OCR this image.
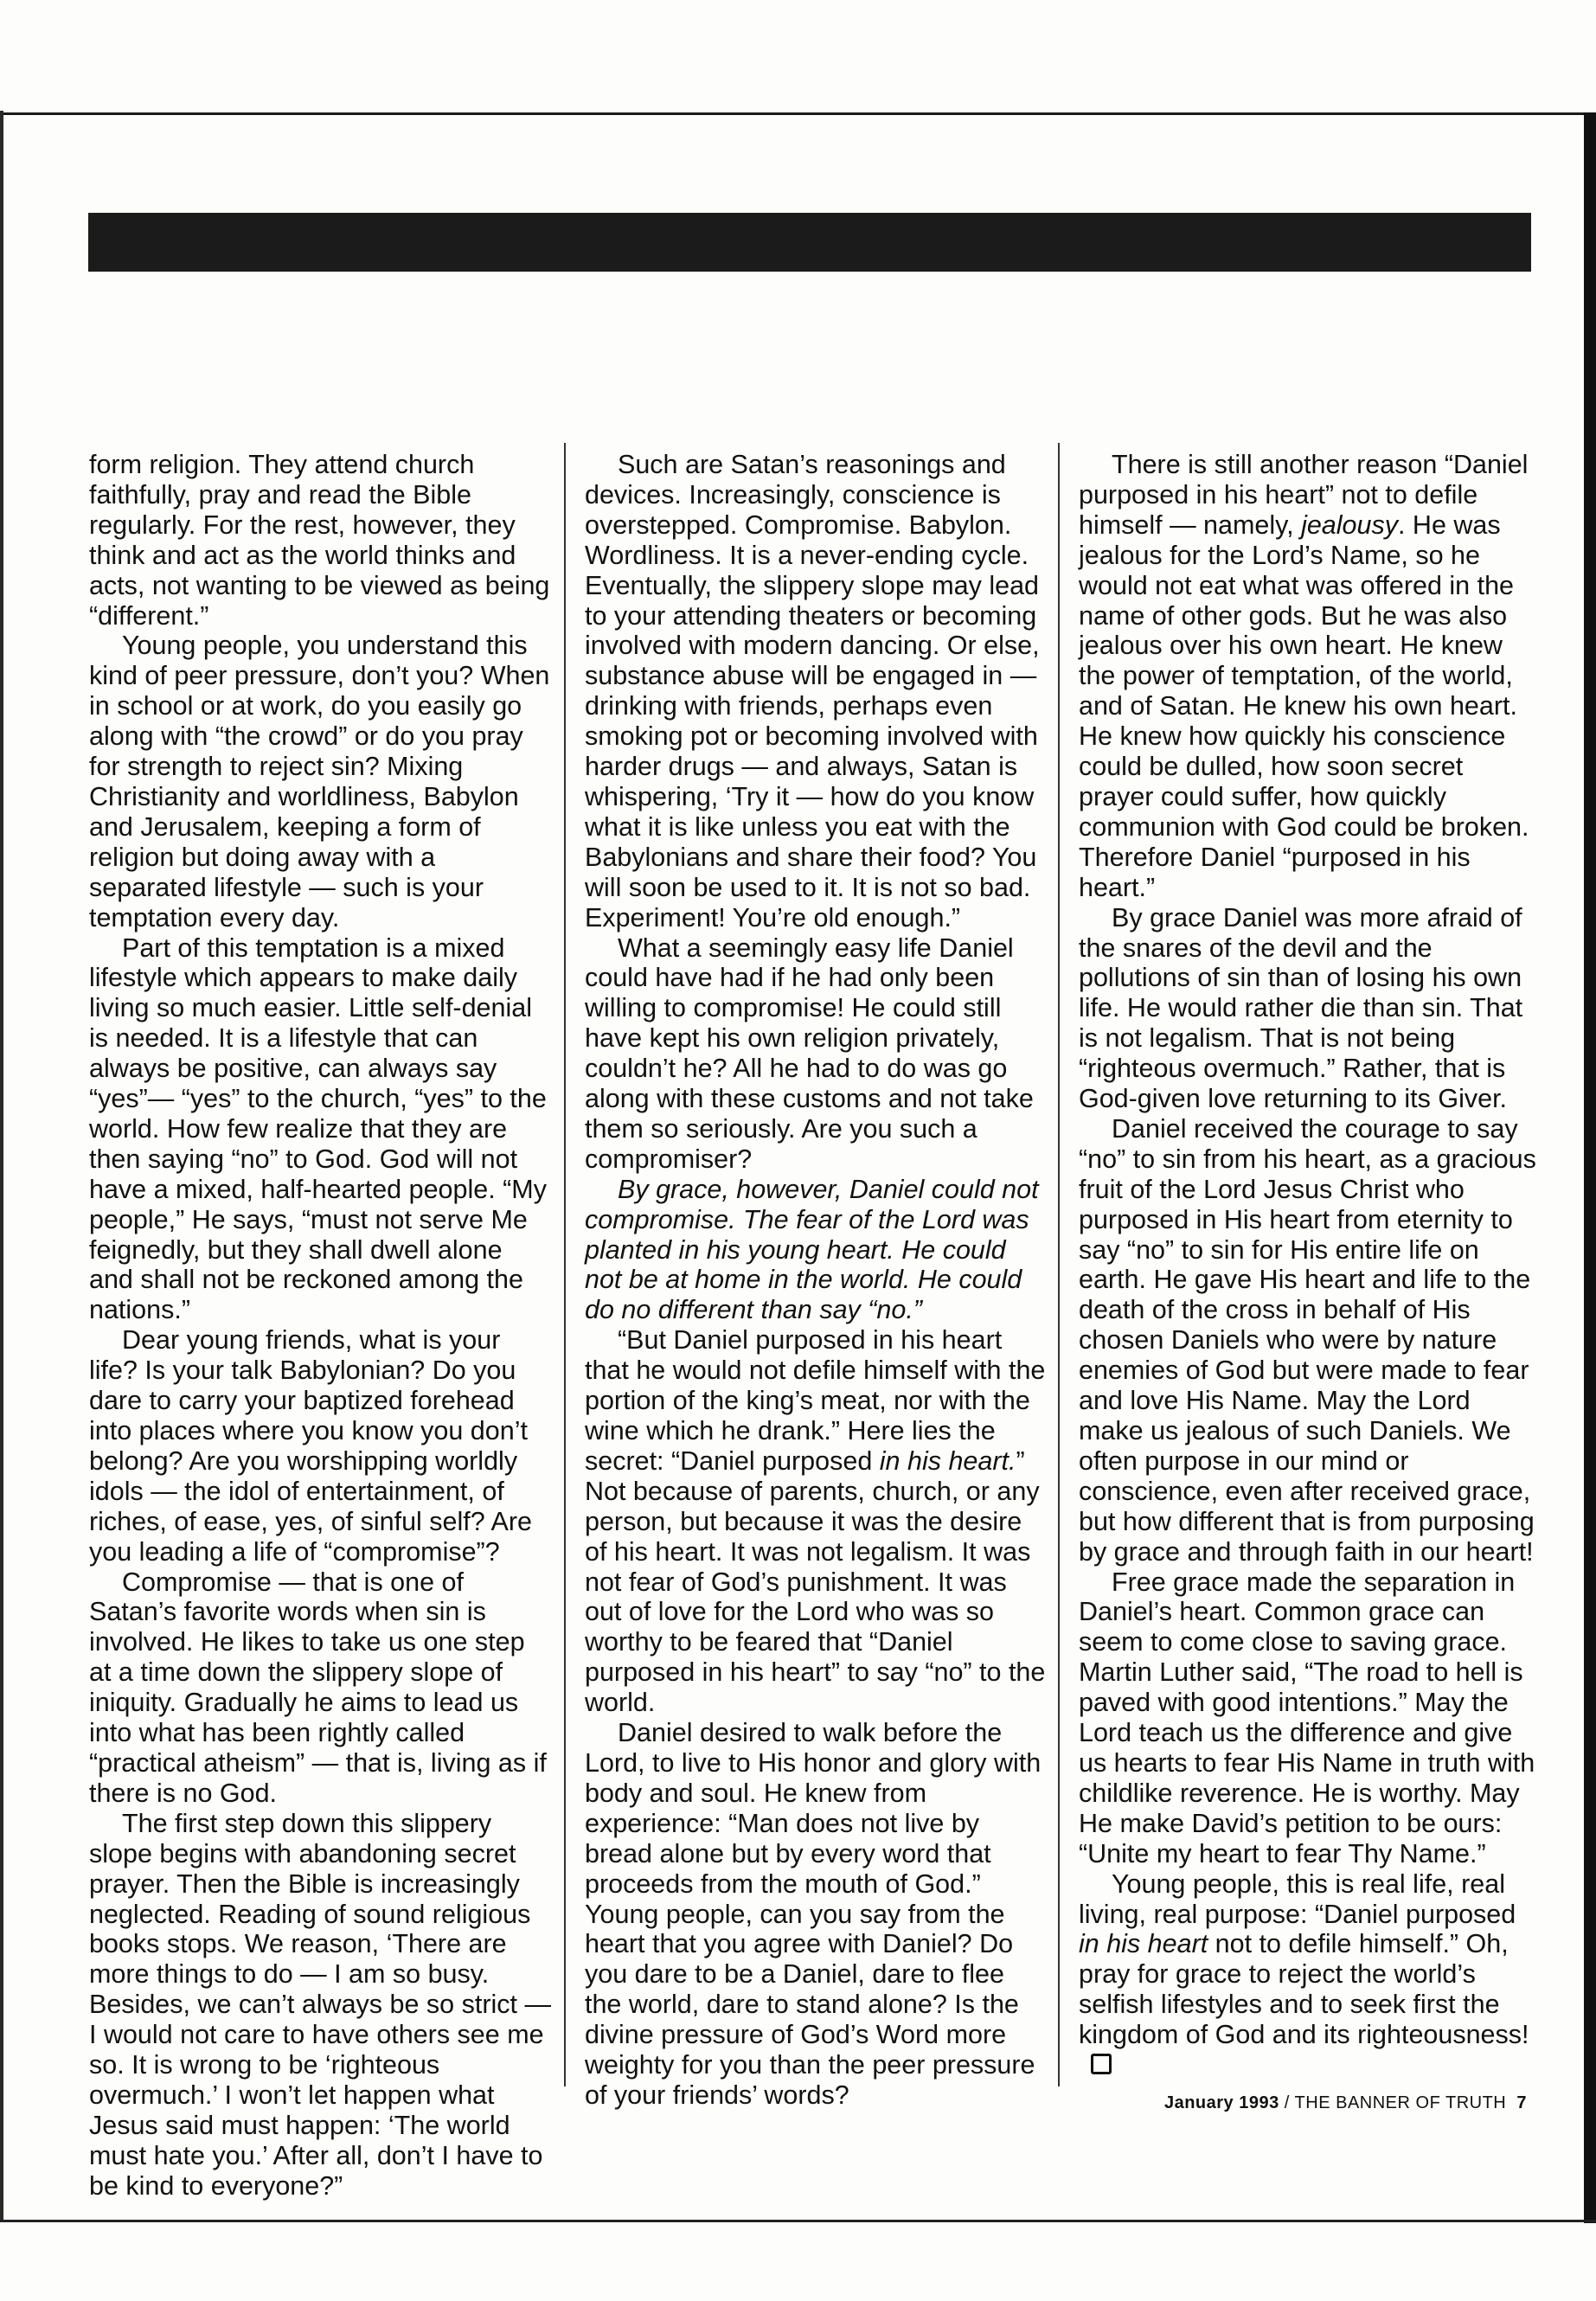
form religion. They attend church faithfully, pray and read the Bible regularly. For the rest, however, they think and act as the world thinks and acts, not wanting to be viewed as being “different.”

Young people, you understand this kind of peer pressure, don’t you? When in school or at work, do you easily go along with “the crowd” or do you pray for strength to reject sin? Mixing Christianity and worldliness, Babylon and Jerusalem, keeping a form of religion but doing away with a separated lifestyle — such is your temptation every day.

Part of this temptation is a mixed lifestyle which appears to make daily living so much easier. Little self-denial is needed. It is a lifestyle that can always be positive, can always say “yes”— “yes” to the church, “yes” to the world. How few realize that they are then saying “no” to God. God will not have a mixed, half-hearted people. “My people,” He says, “must not serve Me feignedly, but they shall dwell alone and shall not be reckoned among the nations.”

Dear young friends, what is your life? Is your talk Babylonian? Do you dare to carry your baptized forehead into places where you know you don’t belong? Are you worshipping worldly idols — the idol of entertainment, of riches, of ease, yes, of sinful self? Are you leading a life of “compromise”?

Compromise — that is one of Satan’s favorite words when sin is involved. He likes to take us one step at a time down the slippery slope of iniquity. Gradually he aims to lead us into what has been rightly called “practical atheism” — that is, living as if there is no God.

The first step down this slippery slope begins with abandoning secret prayer. Then the Bible is increasingly neglected. Reading of sound religious books stops. We reason, ‘There are more things to do — I am so busy. Besides, we can’t always be so strict — I would not care to have others see me so. It is wrong to be ‘righteous overmuch.’ I won’t let happen what Jesus said must happen: ‘The world must hate you.’ After all, don’t I have to be kind to everyone?”

Such are Satan’s reasonings and devices. Increasingly, conscience is overstepped. Compromise. Babylon. Wordliness. It is a never-ending cycle. Eventually, the slippery slope may lead to your attending theaters or becoming involved with modern dancing. Or else, substance abuse will be engaged in — drinking with friends, perhaps even smoking pot or becoming involved with harder drugs — and always, Satan is whispering, ‘Try it — how do you know what it is like unless you eat with the Babylonians and share their food? You will soon be used to it. It is not so bad. Experiment! You’re old enough.”

What a seemingly easy life Daniel could have had if he had only been willing to compromise! He could still have kept his own religion privately, couldn’t he? All he had to do was go along with these customs and not take them so seriously. Are you such a compromiser?

By grace, however, Daniel could not compromise. The fear of the Lord was planted in his young heart. He could not be at home in the world. He could do no different than say “no.”

“But Daniel purposed in his heart that he would not defile himself with the portion of the king’s meat, nor with the wine which he drank.” Here lies the secret: “Daniel purposed in his heart.” Not because of parents, church, or any person, but because it was the desire of his heart. It was not legalism. It was not fear of God’s punishment. It was out of love for the Lord who was so worthy to be feared that “Daniel purposed in his heart” to say “no” to the world.

Daniel desired to walk before the Lord, to live to His honor and glory with body and soul. He knew from experience: “Man does not live by bread alone but by every word that proceeds from the mouth of God.” Young people, can you say from the heart that you agree with Daniel? Do you dare to be a Daniel, dare to flee the world, dare to stand alone? Is the divine pressure of God’s Word more weighty for you than the peer pressure of your friends’ words?

There is still another reason “Daniel purposed in his heart” not to defile himself — namely, jealousy. He was jealous for the Lord’s Name, so he would not eat what was offered in the name of other gods. But he was also jealous over his own heart. He knew the power of temptation, of the world, and of Satan. He knew his own heart. He knew how quickly his conscience could be dulled, how soon secret prayer could suffer, how quickly communion with God could be broken. Therefore Daniel “purposed in his heart.”

By grace Daniel was more afraid of the snares of the devil and the pollutions of sin than of losing his own life. He would rather die than sin. That is not legalism. That is not being “righteous overmuch.” Rather, that is God-given love returning to its Giver.

Daniel received the courage to say “no” to sin from his heart, as a gracious fruit of the Lord Jesus Christ who purposed in His heart from eternity to say “no” to sin for His entire life on earth. He gave His heart and life to the death of the cross in behalf of His chosen Daniels who were by nature enemies of God but were made to fear and love His Name. May the Lord make us jealous of such Daniels. We often purpose in our mind or conscience, even after received grace, but how different that is from purposing by grace and through faith in our heart!

Free grace made the separation in Daniel’s heart. Common grace can seem to come close to saving grace. Martin Luther said, “The road to hell is paved with good intentions.” May the Lord teach us the difference and give us hearts to fear His Name in truth with childlike reverence. He is worthy. May He make David’s petition to be ours: “Unite my heart to fear Thy Name.”

Young people, this is real life, real living, real purpose: “Daniel purposed in his heart not to defile himself.” Oh, pray for grace to reject the world’s selfish lifestyles and to seek first the kingdom of God and its righteousness!

January 1993 / THE BANNER OF TRUTH 7
